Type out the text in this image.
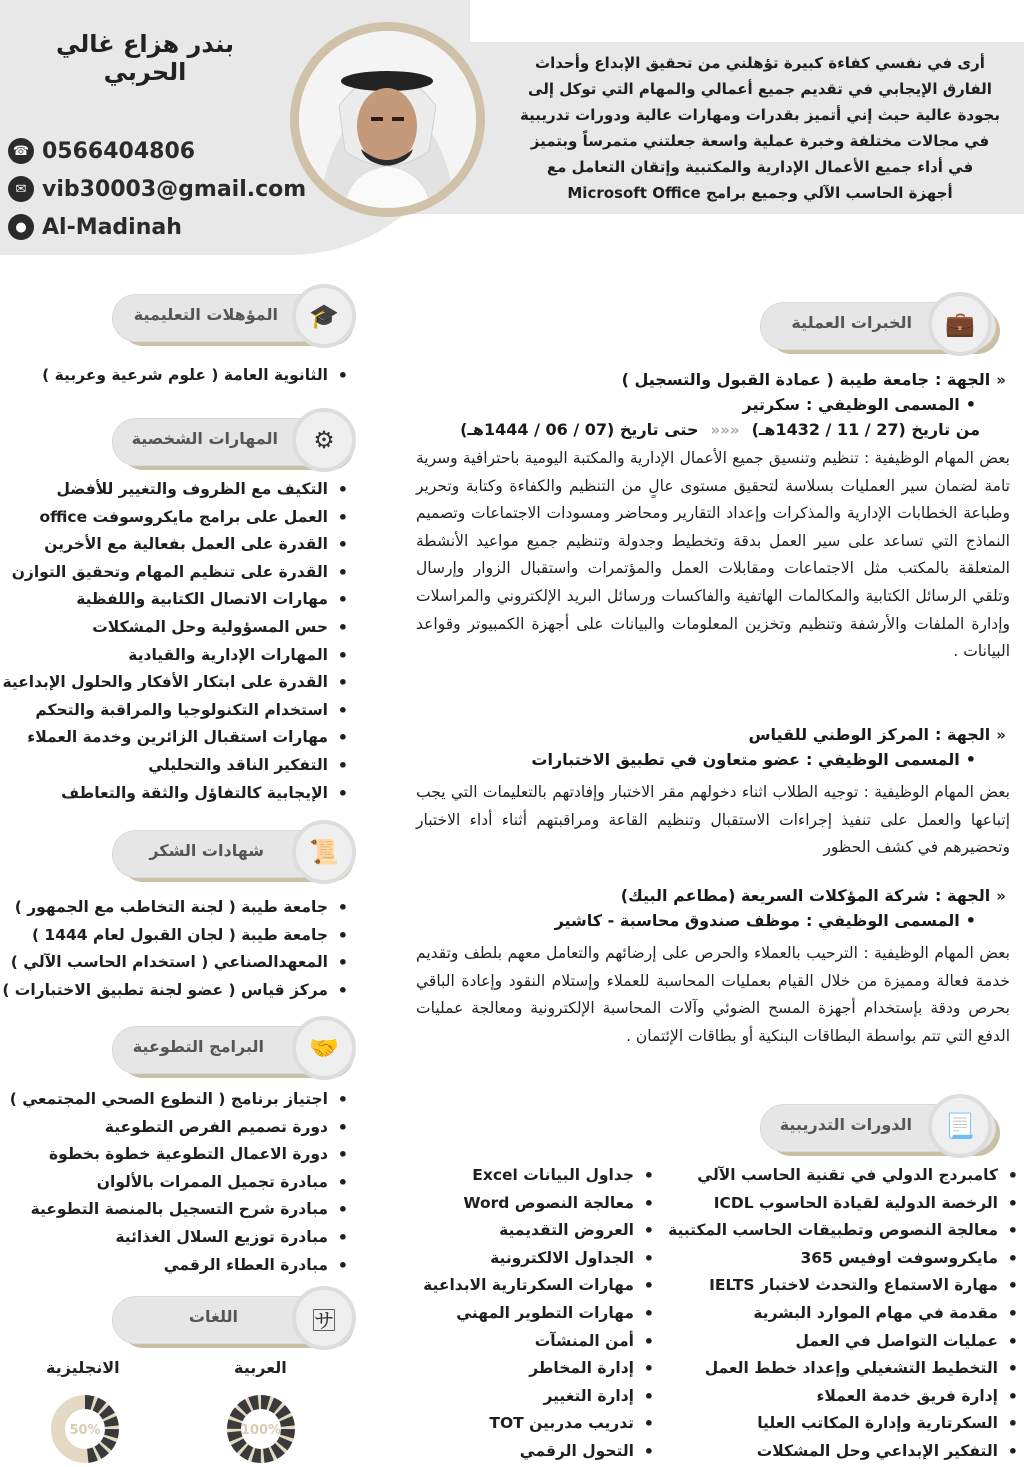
بندر هزاع غالي الحربي
☎ 0566404806
✉ vib30003@gmail.com
● Al-Madinah
أرى في نفسي كفاءة كبيرة تؤهلني من تحقيق الإبداع وأحداث
الفارق الإيجابي في تقديم جميع أعمالي والمهام التي توكل إلى
بجودة عالية حيث إني أتميز بقدرات ومهارات عالية ودورات تدريبية
في مجالات مختلفة وخبرة عملية واسعة جعلتني متمرساً وبتميز
في أداء جميع الأعمال الإدارية والمكتبية وإتقان التعامل مع
أجهزة الحاسب الآلي وجميع برامج Microsoft Office
المؤهلات التعليمية	🎓
• الثانوية العامة ( علوم شرعية وعربية )
المهارات الشخصية	⚙
• التكيف مع الظروف والتغيير للأفضل
• العمل على برامج مايكروسوفت office
• القدرة على العمل بفعالية مع الأخرين
• القدرة على تنظيم المهام وتحقيق التوازن
• مهارات الاتصال الكتابية واللفظية
• حس المسؤولية وحل المشكلات
• المهارات الإدارية والقيادية
• القدرة على ابتكار الأفكار والحلول الإبداعية
• استخدام التكنولوجيا والمراقبة والتحكم
• مهارات استقبال الزائرين وخدمة العملاء
• التفكير الناقد والتحليلي
• الإيجابية كالتفاؤل والثقة والتعاطف
شهادات الشكر	📜
• جامعة طيبة ( لجنة التخاطب مع الجمهور )
• جامعة طيبة ( لجان القبول لعام 1444 )
• المعهدالصناعي ( استخدام الحاسب الآلي )
• مركز قياس ( عضو لجنة تطبيق الاختبارات )
البرامج التطوعية	🤝
• اجتياز برنامج ( التطوع الصحي المجتمعي )
• دورة تصميم الفرص التطوعية
• دورة الاعمال التطوعية خطوة بخطوة
• مبادرة تجميل الممرات بالألوان
• مبادرة شرح التسجيل بالمنصة التطوعية
• مبادرة توزيع السلال الغذائية
• مبادرة العطاء الرقمي
اللغات	🈂
العربية
الانجليزية
100%
50%
الخبرات العملية	💼
«
الجهة :
جامعة طيبة ( عمادة القبول والتسجيل )
•
المسمى الوظيفي :
سكرتير
من تاريخ (27 / 11 / 1432هـ)
«««
حتى تاريخ (07 / 06 / 1444هـ)
بعض المهام الوظيفية : تنظيم وتنسيق جميع الأعمال الإدارية والمكتبة اليومية باحترافية وسرية تامة لضمان سير العمليات بسلاسة لتحقيق مستوى عالٍ من التنظيم والكفاءة وكتابة وتحرير وطباعة الخطابات الإدارية والمذكرات وإعداد التقارير ومحاضر ومسودات الاجتماعات وتصميم النماذج التي تساعد على سير العمل بدقة وتخطيط وجدولة وتنظيم جميع مواعيد الأنشطة المتعلقة بالمكتب مثل الاجتماعات ومقابلات العمل والمؤتمرات واستقبال الزوار وإرسال وتلقي الرسائل الكتابية والمكالمات الهاتفية والفاكسات ورسائل البريد الإلكتروني والمراسلات وإدارة الملفات والأرشفة وتنظيم وتخزين المعلومات والبيانات على أجهزة الكمبيوتر وقواعد البيانات .
«
الجهة :
المركز الوطني للقياس
•
المسمى الوظيفي :
عضو متعاون في تطبيق الاختبارات
بعض المهام الوظيفية : توجيه الطلاب اثناء دخولهم مقر الاختبار وإفادتهم بالتعليمات التي يجب إتباعها والعمل على تنفيذ إجراءات الاستقبال وتنظيم القاعة ومراقبتهم أثناء أداء الاختبار وتحضيرهم في كشف الحظور
«
الجهة :
شركة المؤكلات السريعة (مطاعم البيك)
•
المسمى الوظيفي :
موظف صندوق محاسبة - كاشير
بعض المهام الوظيفية : الترحيب بالعملاء والحرص على إرضائهم والتعامل معهم بلطف وتقديم خدمة فعالة ومميزة من خلال القيام بعمليات المحاسبة للعملاء وإستلام النقود وإعادة الباقي بحرص ودقة بإستخدام أجهزة المسح الضوئي وآلات المحاسبة الإلكترونية ومعالجة عمليات الدفع التي تتم بواسطة البطاقات البنكية أو بطاقات الإئتمان .
الدورات التدريبية	📃
• كامبردج الدولي في تقنية الحاسب الآلي
• الرخصة الدولية لقيادة الحاسوب ICDL
• معالجة النصوص وتطبيقات الحاسب المكتبية
• مايكروسوفت اوفيس 365
• مهارة الاستماع والتحدث لاختبار IELTS
• مقدمة في مهام الموارد البشرية
• عمليات التواصل في العمل
• التخطيط التشغيلي وإعداد خطط العمل
• إدارة فريق خدمة العملاء
• السكرتارية وإدارة المكاتب العليا
• التفكير الإبداعي وحل المشكلات
• جداول البيانات Excel
• معالجة النصوص Word
• العروض التقديمية
• الجداول الالكترونية
• مهارات السكرتارية الابداعية
• مهارات التطوير المهني
• أمن المنشآت
• إدارة المخاطر
• إدارة التغيير
• تدريب مدربين TOT
• التحول الرقمي
